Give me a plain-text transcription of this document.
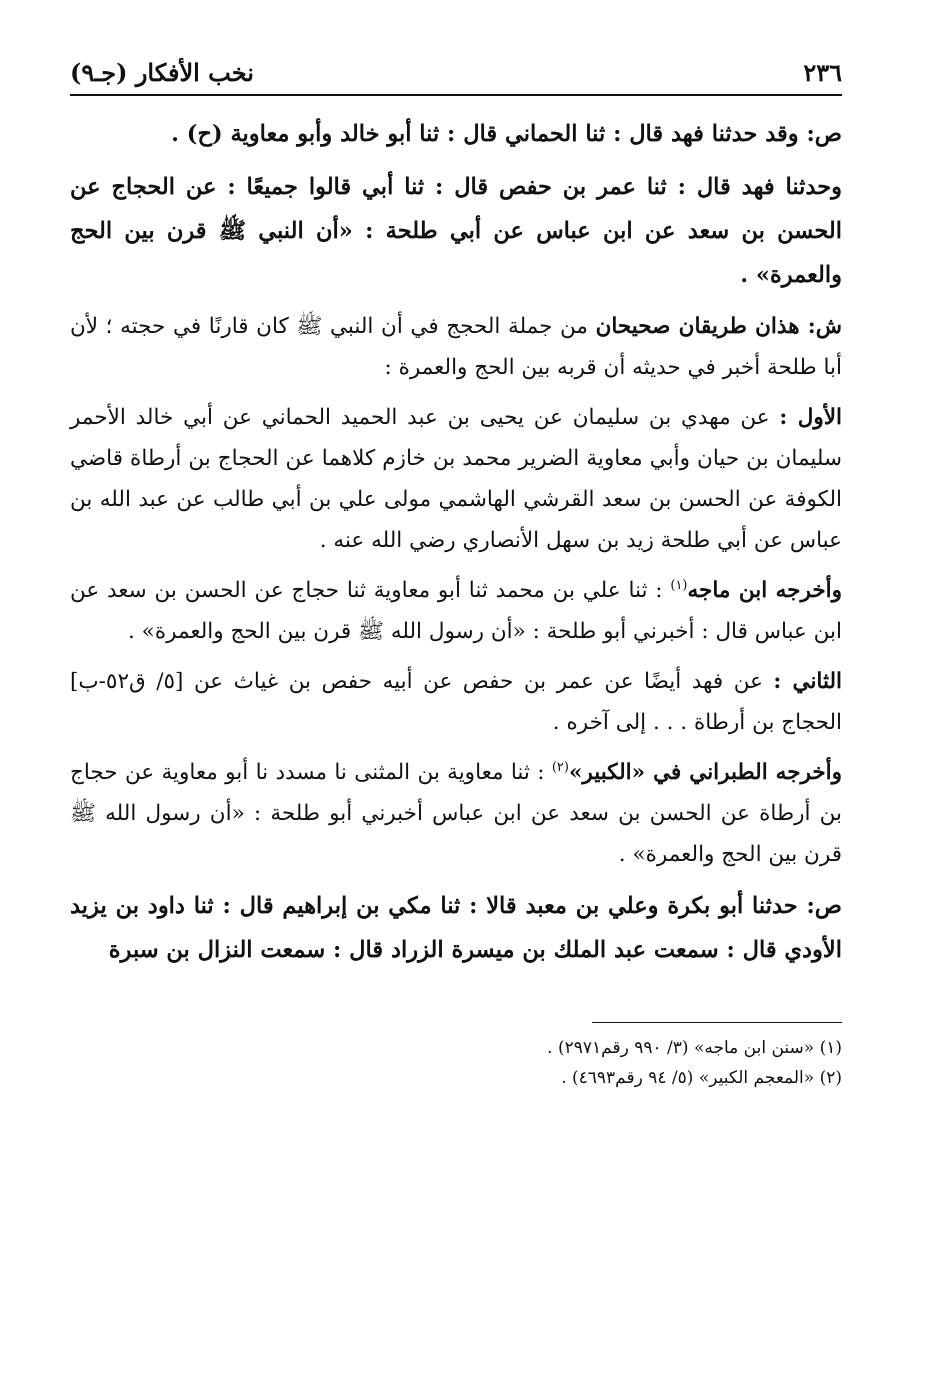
٢٣٦
نخب الأفكار (جـ٩)

ص: وقد حدثنا فهد قال : ثنا الحماني قال : ثنا أبو خالد وأبو معاوية (ح) .

وحدثنا فهد قال : ثنا عمر بن حفص قال : ثنا أبي قالوا جميعًا : عن الحجاج عن الحسن بن سعد عن ابن عباس عن أبي طلحة : «أن النبي ﷺ قرن بين الحج والعمرة» .

ش: هذان طريقان صحيحان من جملة الحجج في أن النبي ﷺ كان قارنًا في حجته ؛ لأن أبا طلحة أخبر في حديثه أن قربه بين الحج والعمرة :

الأول : عن مهدي بن سليمان عن يحيى بن عبد الحميد الحماني عن أبي خالد الأحمر سليمان بن حيان وأبي معاوية الضرير محمد بن خازم كلاهما عن الحجاج بن أرطاة قاضي الكوفة عن الحسن بن سعد القرشي الهاشمي مولى علي بن أبي طالب عن عبد الله بن عباس عن أبي طلحة زيد بن سهل الأنصاري رضي الله عنه .

وأخرجه ابن ماجه$^{(١)}$ : ثنا علي بن محمد ثنا أبو معاوية ثنا حجاج عن الحسن بن سعد عن ابن عباس قال : أخبرني أبو طلحة : «أن رسول الله ﷺ قرن بين الحج والعمرة» .

الثاني : عن فهد أيضًا عن عمر بن حفص عن أبيه حفص بن غياث عن [٥/ ق٥٢-ب] الحجاج بن أرطاة . . . إلى آخره .

وأخرجه الطبراني في «الكبير»$^{(٢)}$ : ثنا معاوية بن المثنى نا مسدد نا أبو معاوية عن حجاج بن أرطاة عن الحسن بن سعد عن ابن عباس أخبرني أبو طلحة : «أن رسول الله ﷺ قرن بين الحج والعمرة» .

ص: حدثنا أبو بكرة وعلي بن معبد قالا : ثنا مكي بن إبراهيم قال : ثنا داود بن يزيد الأودي قال : سمعت عبد الملك بن ميسرة الزراد قال : سمعت النزال بن سبرة

(١) «سنن ابن ماجه» (٣/ ٩٩٠ رقم٢٩٧١) .

(٢) «المعجم الكبير» (٥/ ٩٤ رقم٤٦٩٣) .
